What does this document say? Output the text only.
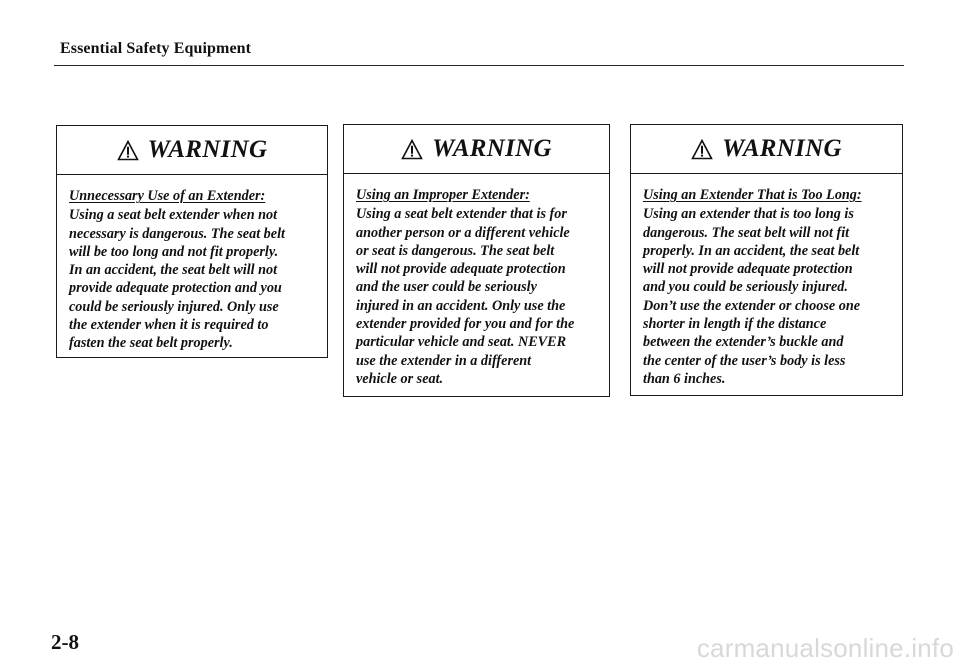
Essential Safety Equipment
WARNING
Unnecessary Use of an Extender:

Using a seat belt extender when not
necessary is dangerous. The seat belt
will be too long and not fit properly.
In an accident, the seat belt will not
provide adequate protection and you
could be seriously injured. Only use
the extender when it is required to
fasten the seat belt properly.

WARNING
Using an Improper Extender:

Using a seat belt extender that is for
another person or a different vehicle
or seat is dangerous. The seat belt
will not provide adequate protection
and the user could be seriously
injured in an accident. Only use the
extender provided for you and for the
particular vehicle and seat. NEVER
use the extender in a different
vehicle or seat.

WARNING
Using an Extender That is Too Long:

Using an extender that is too long is
dangerous. The seat belt will not fit
properly. In an accident, the seat belt
will not provide adequate protection
and you could be seriously injured.
Don’t use the extender or choose one
shorter in length if the distance
between the extender’s buckle and
the center of the user’s body is less
than 6 inches.

2-8	carmanualsonline.info
